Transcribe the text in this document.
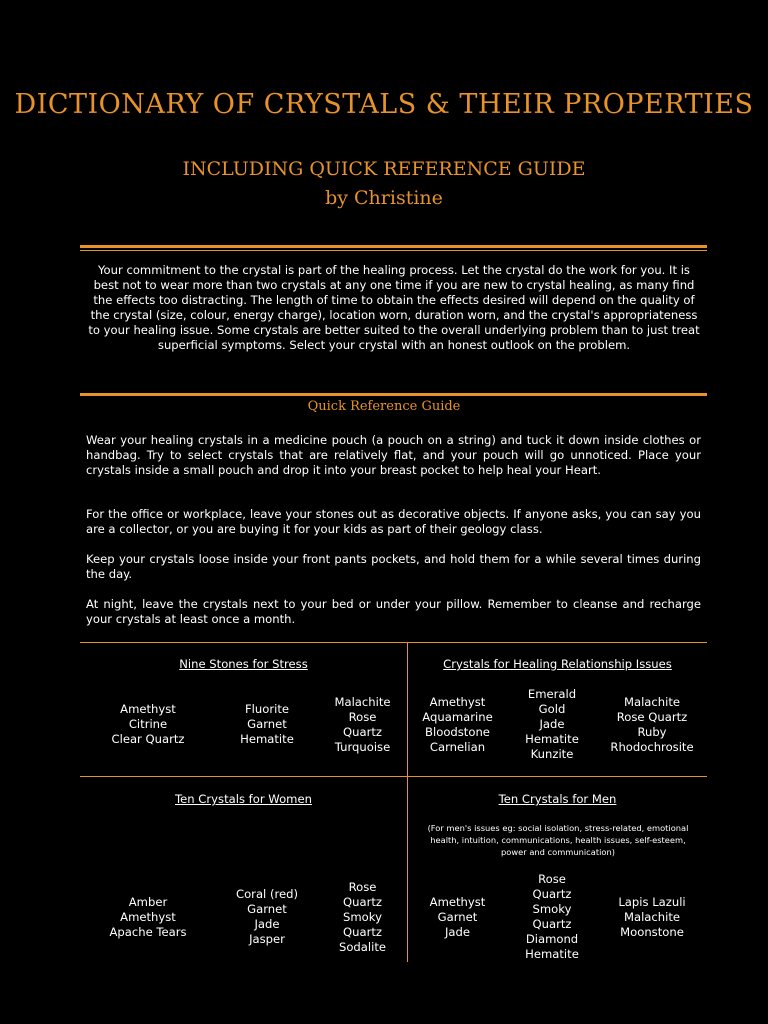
DICTIONARY OF CRYSTALS & THEIR PROPERTIES
INCLUDING QUICK REFERENCE GUIDE
by Christine
Your commitment to the crystal is part of the healing process. Let the crystal do the work for you. It is best not to wear more than two crystals at any one time if you are new to crystal healing, as many find the effects too distracting. The length of time to obtain the effects desired will depend on the quality of the crystal (size, colour, energy charge), location worn, duration worn, and the crystal's appropriateness to your healing issue. Some crystals are better suited to the overall underlying problem than to just treat superficial symptoms. Select your crystal with an honest outlook on the problem.
Quick Reference Guide
Wear your healing crystals in a medicine pouch (a pouch on a string) and tuck it down inside clothes or handbag. Try to select crystals that are relatively flat, and your pouch will go unnoticed. Place your crystals inside a small pouch and drop it into your breast pocket to help heal your Heart.
For the office or workplace, leave your stones out as decorative objects. If anyone asks, you can say you are a collector, or you are buying it for your kids as part of their geology class.
Keep your crystals loose inside your front pants pockets, and hold them for a while several times during the day.
At night, leave the crystals next to your bed or under your pillow. Remember to cleanse and recharge your crystals at least once a month.
Nine Stones for Stress
Amethyst
Citrine
Clear Quartz
Fluorite
Garnet
Hematite
Malachite
Rose
Quartz
Turquoise
Crystals for Healing Relationship Issues
Amethyst
Aquamarine
Bloodstone
Carnelian
Emerald
Gold
Jade
Hematite
Kunzite
Malachite
Rose Quartz
Ruby
Rhodochrosite
Ten Crystals for Women
Amber
Amethyst
Apache Tears
Coral (red)
Garnet
Jade
Jasper
Rose
Quartz
Smoky
Quartz
Sodalite
Ten Crystals for Men
(For men's issues eg: social isolation, stress-related, emotional health, intuition, communications, health issues, self-esteem, power and communication)
Amethyst
Garnet
Jade
Rose
Quartz
Smoky
Quartz
Diamond
Hematite
Lapis Lazuli
Malachite
Moonstone
